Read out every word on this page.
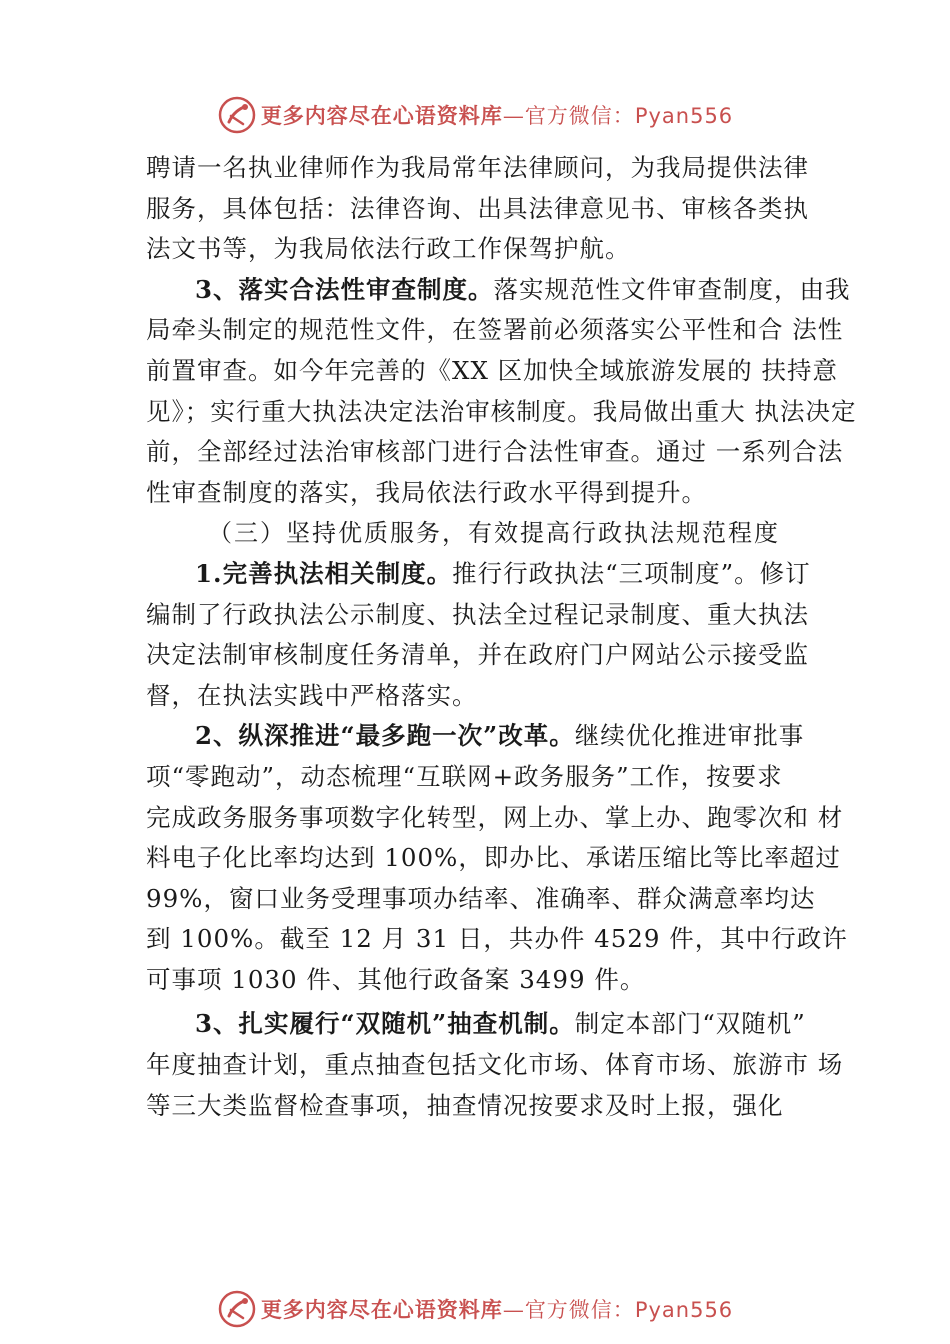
更多内容尽在心语资料库—官方微信：Pyan556
聘请一名执业律师作为我局常年法律顾问，为我局提供法律
服务，具体包括：法律咨询、出具法律意见书、审核各类执
法文书等，为我局依法行政工作保驾护航。
3、落实合法性审查制度。落实规范性文件审查制度，由我
局牵头制定的规范性文件，在签署前必须落实公平性和合 法性
前置审查。如今年完善的《XX 区加快全域旅游发展的 扶持意
见》；实行重大执法决定法治审核制度。我局做出重大 执法决定
前，全部经过法治审核部门进行合法性审查。通过 一系列合法
性审查制度的落实，我局依法行政水平得到提升。
（三）坚持优质服务，有效提高行政执法规范程度
1.完善执法相关制度。推行行政执法“三项制度”。修订
编制了行政执法公示制度、执法全过程记录制度、重大执法
决定法制审核制度任务清单，并在政府门户网站公示接受监
督，在执法实践中严格落实。
2、纵深推进“最多跑一次”改革。继续优化推进审批事
项“零跑动”，动态梳理“互联网+政务服务”工作，按要求
完成政务服务事项数字化转型，网上办、掌上办、跑零次和 材
料电子化比率均达到 100%，即办比、承诺压缩比等比率超过
99%，窗口业务受理事项办结率、准确率、群众满意率均达
到 100%。截至 12 月 31 日，共办件 4529 件，其中行政许
可事项 1030 件、其他行政备案 3499 件。
3、扎实履行“双随机”抽查机制。制定本部门“双随机”
年度抽查计划，重点抽查包括文化市场、体育市场、旅游市 场
等三大类监督检查事项，抽查情况按要求及时上报，强化
更多内容尽在心语资料库—官方微信：Pyan556
